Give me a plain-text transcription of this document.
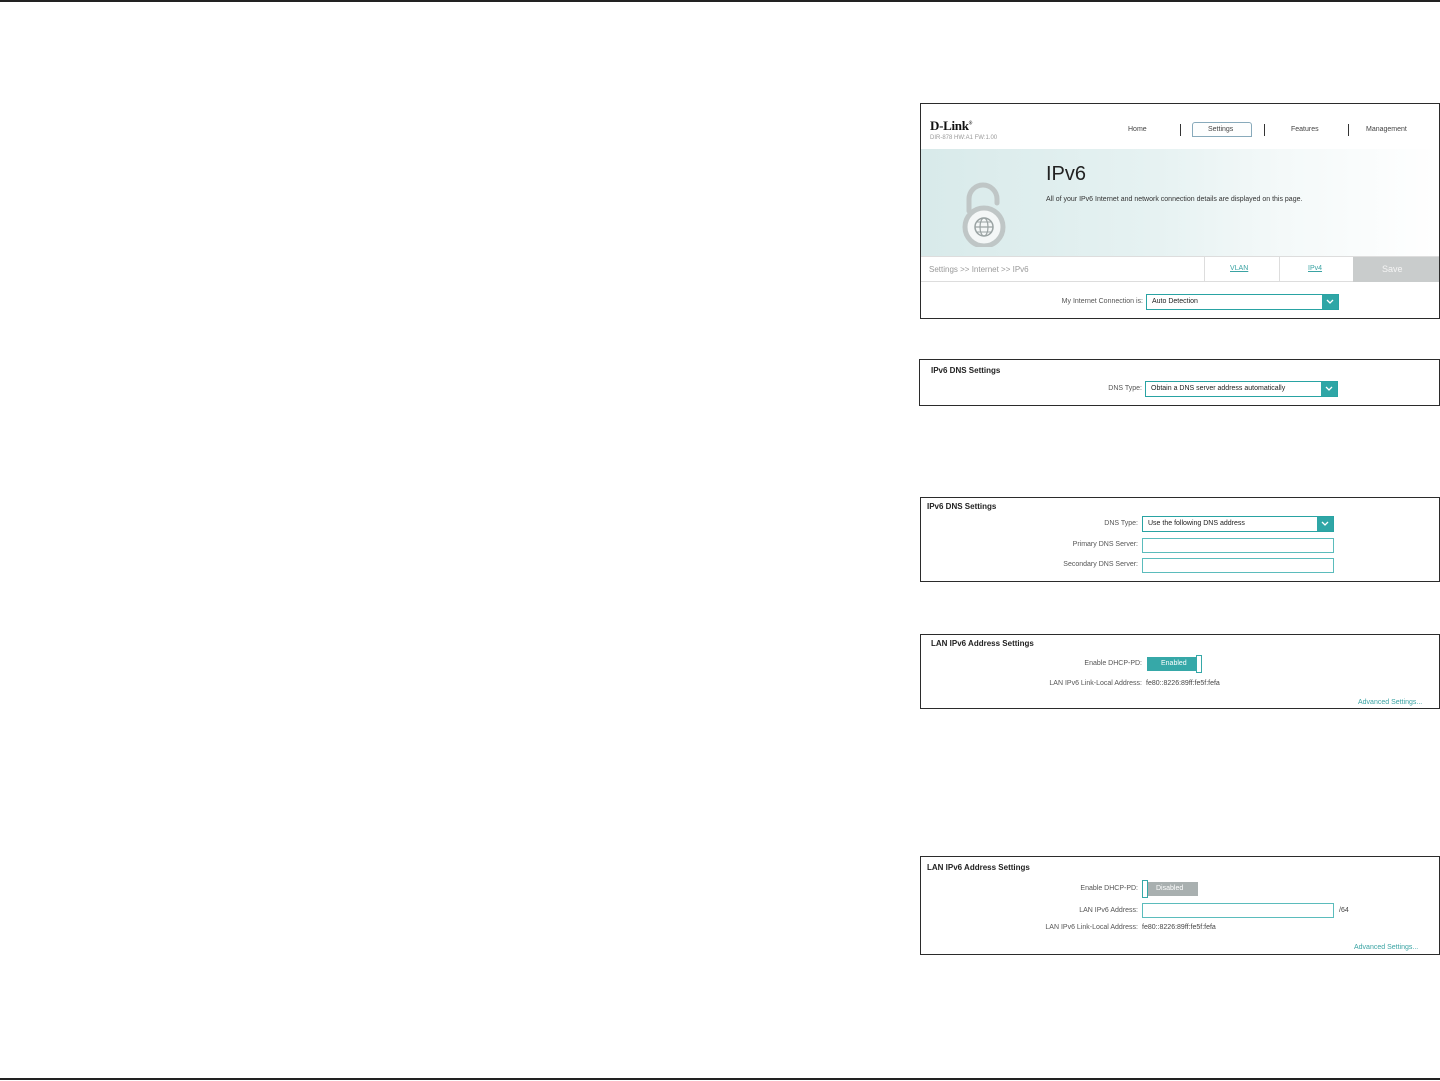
D-Link®
DIR-878 HW:A1 FW:1.00
Home	Settings	Features	Management
IPv6
All of your IPv6 Internet and network connection details are displayed on this page.
Settings >> Internet >> IPv6	VLAN	IPv4	Save
My Internet Connection is: Auto Detection
IPv6 DNS Settings
DNS Type: Obtain a DNS server address automatically
IPv6 DNS Settings
DNS Type: Use the following DNS address
Primary DNS Server:
Secondary DNS Server:
LAN IPv6 Address Settings
Enable DHCP-PD:	Enabled
LAN IPv6 Link-Local Address: fe80::8226:89ff:fe5f:fefa
Advanced Settings...
LAN IPv6 Address Settings
Enable DHCP-PD:	Disabled
LAN IPv6 Address:	/64
LAN IPv6 Link-Local Address: fe80::8226:89ff:fe5f:fefa
Advanced Settings...
